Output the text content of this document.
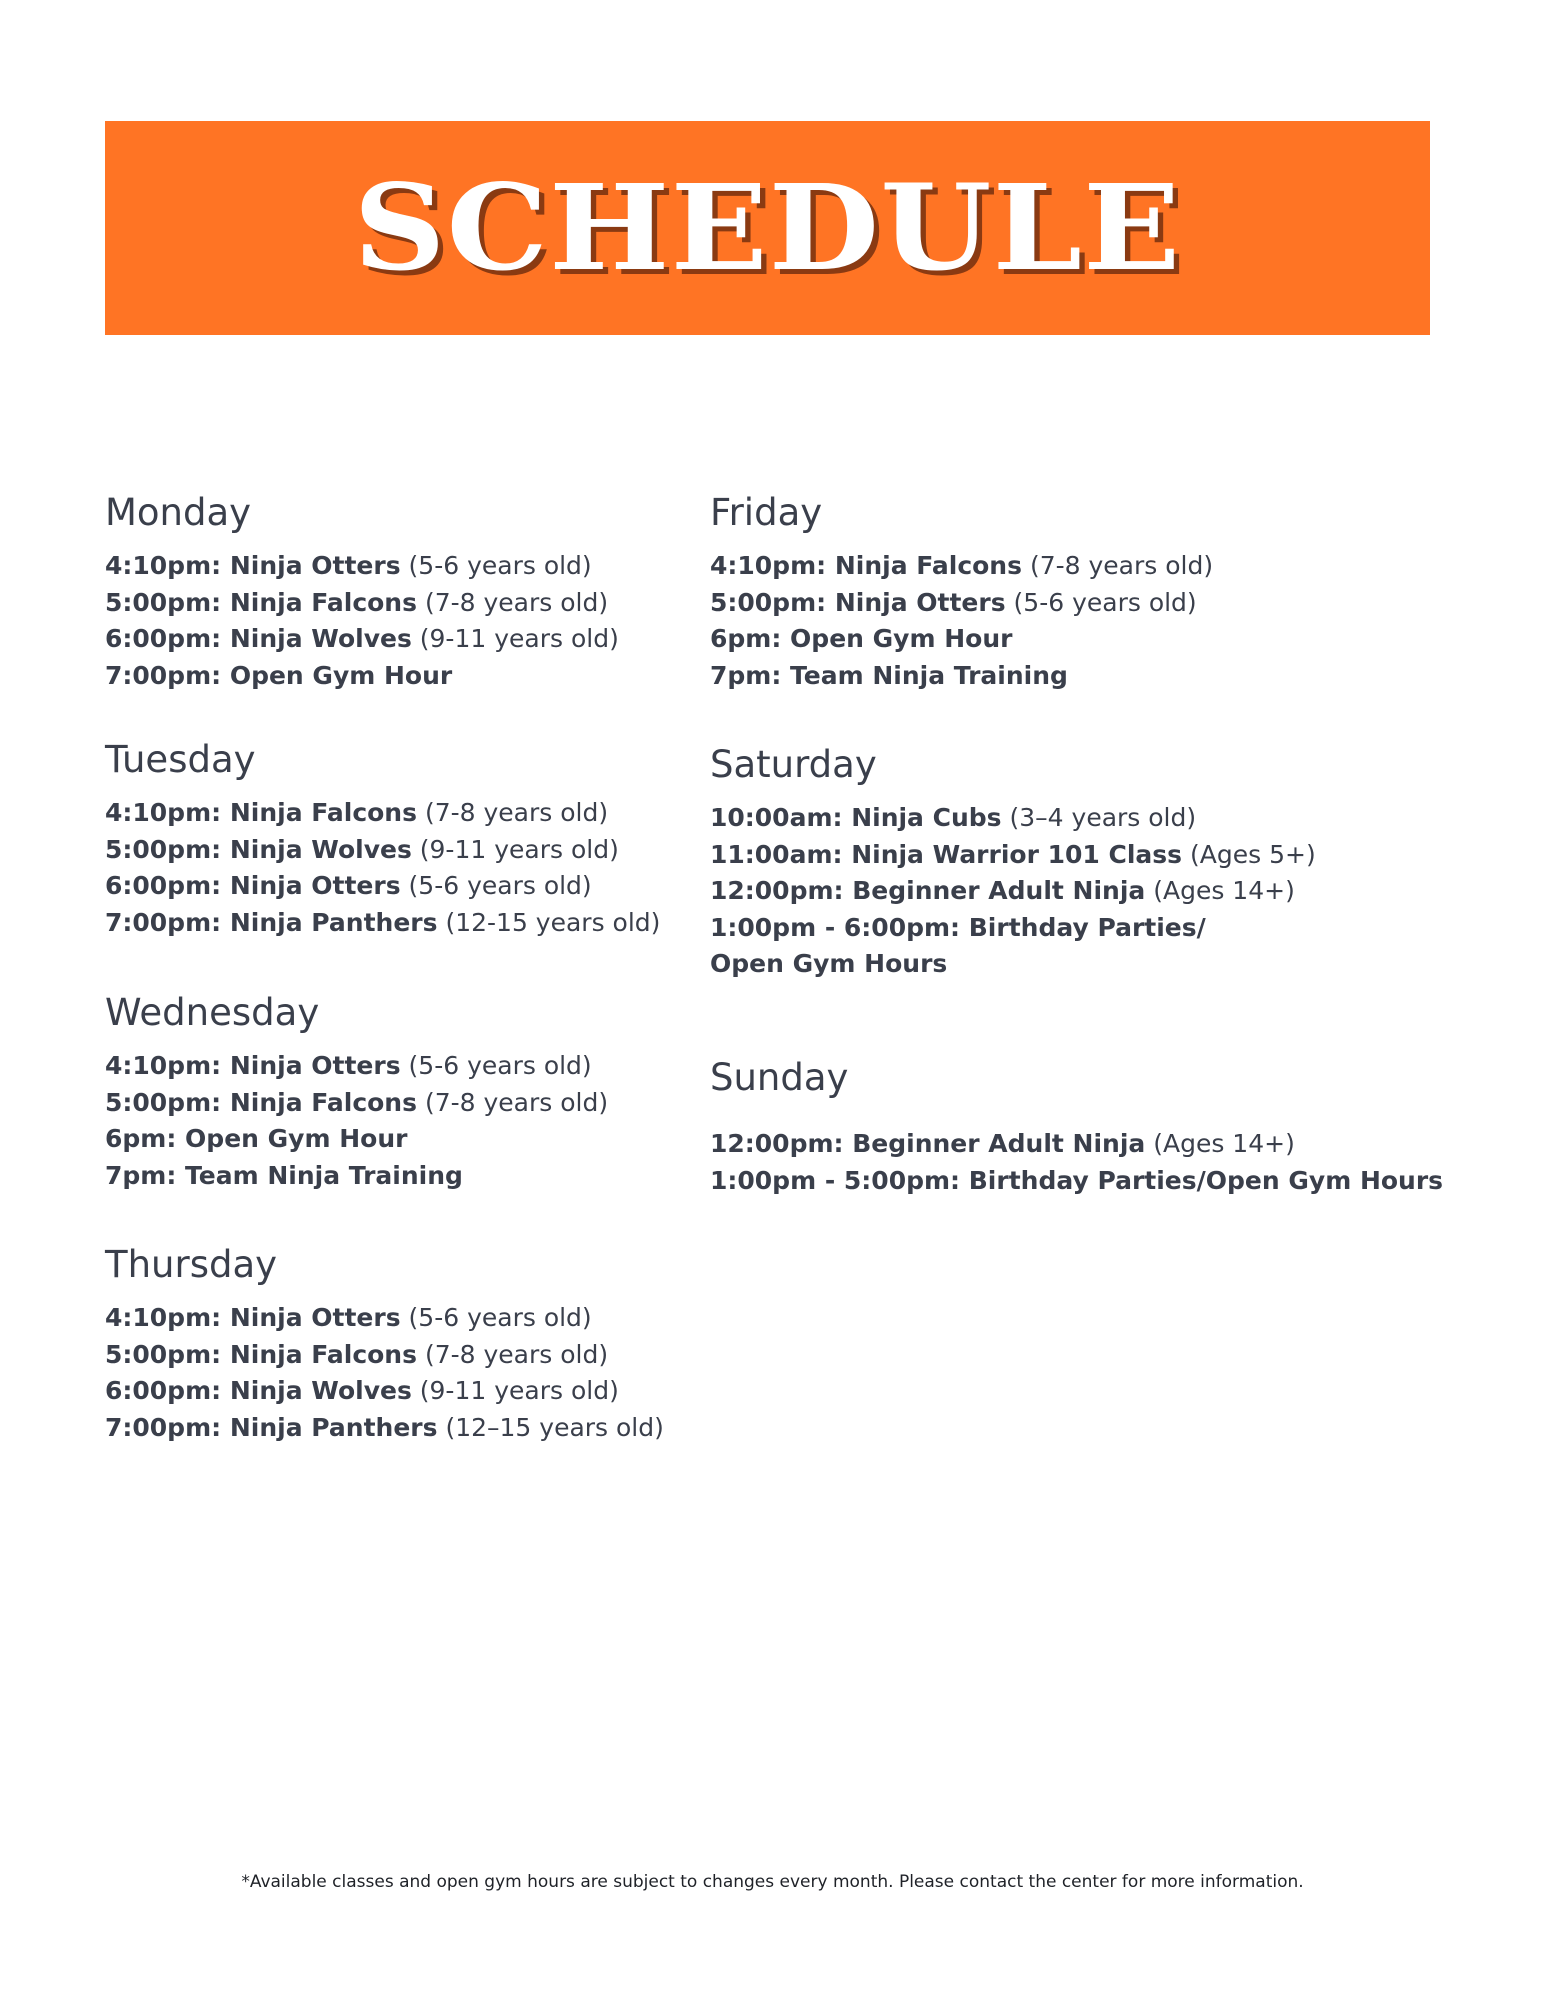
SCHEDULE
Monday
4:10pm: Ninja Otters (5-6 years old)
5:00pm: Ninja Falcons (7-8 years old)
6:00pm: Ninja Wolves (9-11 years old)
7:00pm: Open Gym Hour
Tuesday
4:10pm: Ninja Falcons (7-8 years old)
5:00pm: Ninja Wolves (9-11 years old)
6:00pm: Ninja Otters (5-6 years old)
7:00pm: Ninja Panthers (12-15 years old)
Wednesday
4:10pm: Ninja Otters (5-6 years old)
5:00pm: Ninja Falcons (7-8 years old)
6pm: Open Gym Hour
7pm: Team Ninja Training
Thursday
4:10pm: Ninja Otters (5-6 years old)
5:00pm: Ninja Falcons (7-8 years old)
6:00pm: Ninja Wolves (9-11 years old)
7:00pm: Ninja Panthers (12–15 years old)
Friday
4:10pm: Ninja Falcons (7-8 years old)
5:00pm: Ninja Otters (5-6 years old)
6pm: Open Gym Hour
7pm: Team Ninja Training
Saturday
10:00am: Ninja Cubs (3–4 years old)
11:00am: Ninja Warrior 101 Class (Ages 5+)
12:00pm: Beginner Adult Ninja (Ages 14+)
1:00pm - 6:00pm: Birthday Parties/
Open Gym Hours
Sunday
12:00pm: Beginner Adult Ninja (Ages 14+)
1:00pm - 5:00pm: Birthday Parties/Open Gym Hours
*Available classes and open gym hours are subject to changes every month. Please contact the center for more information.
